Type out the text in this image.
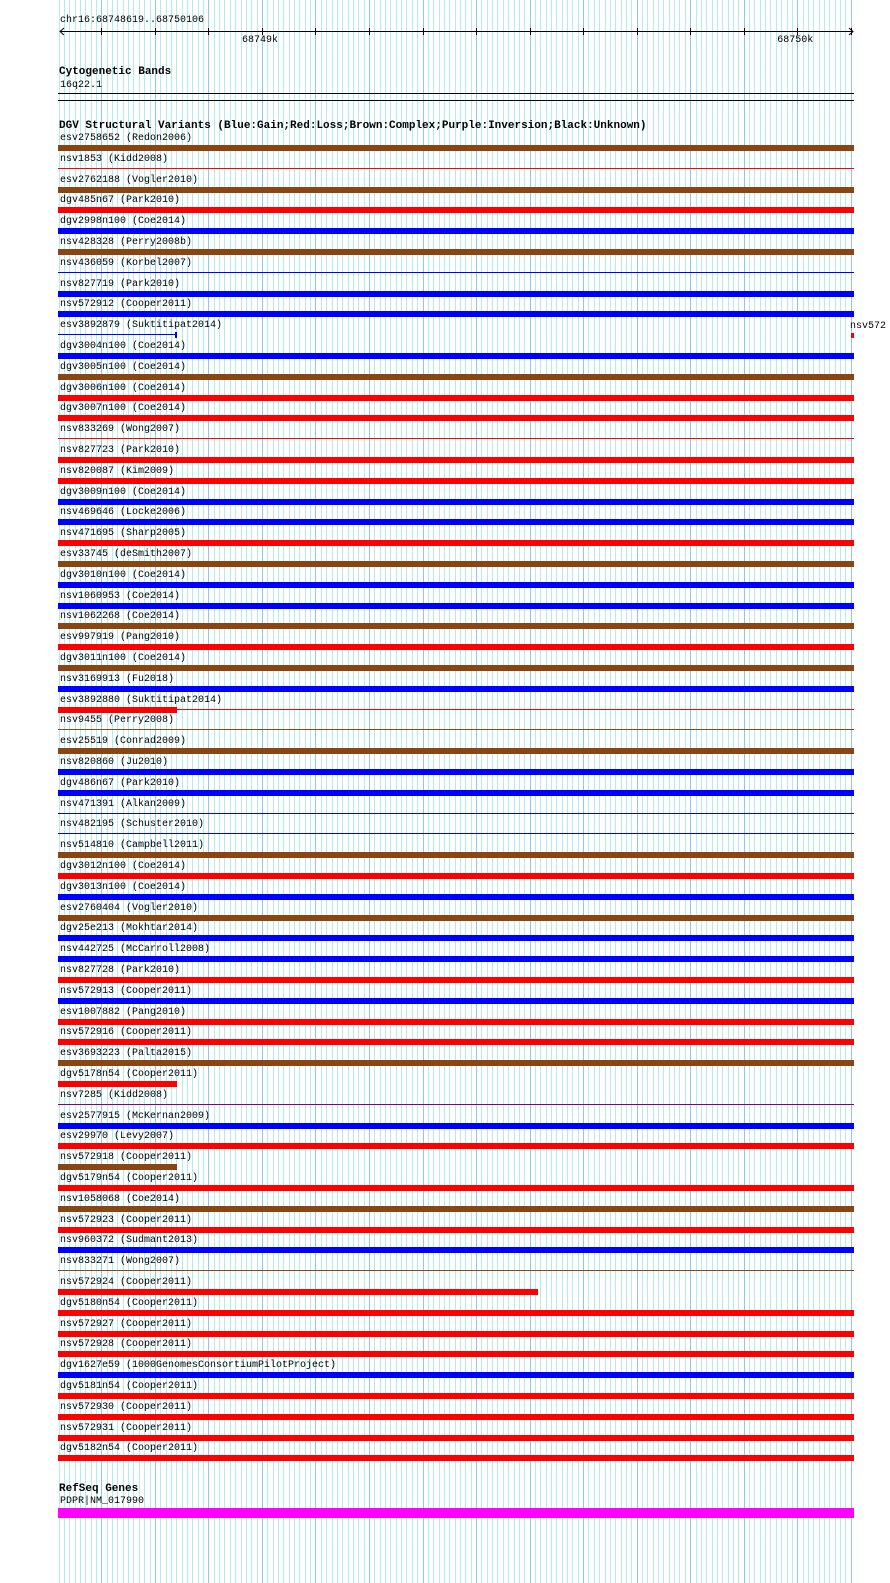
chr16:68748619..68750106
68749k	68750k
Cytogenetic Bands
16q22.1
DGV Structural Variants (Blue:Gain;Red:Loss;Brown:Complex;Purple:Inversion;Black:Unknown)
esv2758652 (Redon2006)
nsv1853 (Kidd2008)
esv2762188 (Vogler2010)
dgv485n67 (Park2010)
dgv2998n100 (Coe2014)
nsv428328 (Perry2008b)
nsv436059 (Korbel2007)
nsv827719 (Park2010)
nsv572912 (Cooper2011)
esv3892879 (Suktitipat2014)
dgv3004n100 (Coe2014)
dgv3005n100 (Coe2014)
dgv3006n100 (Coe2014)
dgv3007n100 (Coe2014)
nsv833269 (Wong2007)
nsv827723 (Park2010)
nsv820087 (Kim2009)
dgv3009n100 (Coe2014)
nsv469646 (Locke2006)
nsv471695 (Sharp2005)
esv33745 (deSmith2007)
dgv3010n100 (Coe2014)
nsv1060953 (Coe2014)
nsv1062268 (Coe2014)
esv997919 (Pang2010)
dgv3011n100 (Coe2014)
nsv3169913 (Fu2018)
esv3892880 (Suktitipat2014)
nsv9455 (Perry2008)
esv25519 (Conrad2009)
nsv820860 (Ju2010)
dgv486n67 (Park2010)
nsv471391 (Alkan2009)
nsv482195 (Schuster2010)
nsv514810 (Campbell2011)
dgv3012n100 (Coe2014)
dgv3013n100 (Coe2014)
esv2760404 (Vogler2010)
dgv25e213 (Mokhtar2014)
nsv442725 (McCarroll2008)
nsv827728 (Park2010)
nsv572913 (Cooper2011)
esv1007882 (Pang2010)
nsv572916 (Cooper2011)
esv3693223 (Palta2015)
dgv5178n54 (Cooper2011)
nsv7285 (Kidd2008)
esv2577915 (McKernan2009)
esv29970 (Levy2007)
nsv572918 (Cooper2011)
dgv5179n54 (Cooper2011)
nsv1058068 (Coe2014)
nsv572923 (Cooper2011)
nsv960372 (Sudmant2013)
nsv833271 (Wong2007)
nsv572924 (Cooper2011)
dgv5180n54 (Cooper2011)
nsv572927 (Cooper2011)
nsv572928 (Cooper2011)
dgv1627e59 (1000GenomesConsortiumPilotProject)
dgv5181n54 (Cooper2011)
nsv572930 (Cooper2011)
nsv572931 (Cooper2011)
dgv5182n54 (Cooper2011)
nsv572
RefSeq Genes
PDPR|NM_017990
